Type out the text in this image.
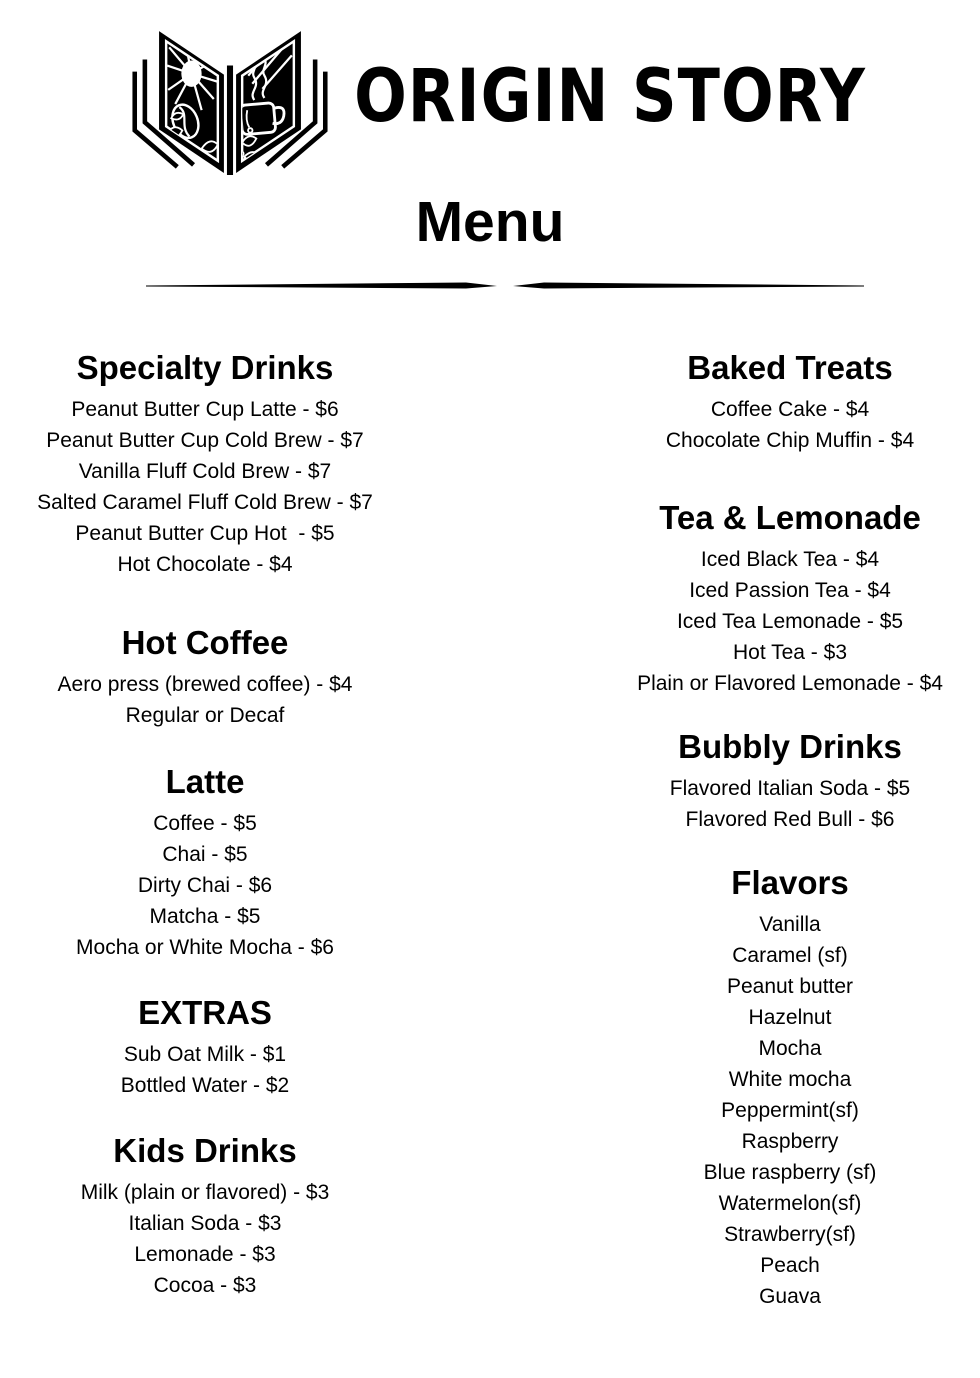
ORIGIN STORY
Menu
Specialty Drinks
Peanut Butter Cup Latte - $6
Peanut Butter Cup Cold Brew - $7
Vanilla Fluff Cold Brew - $7
Salted Caramel Fluff Cold Brew - $7
Peanut Butter Cup Hot  - $5
Hot Chocolate - $4
Hot Coffee
Aero press (brewed coffee) - $4
Regular or Decaf
Latte
Coffee - $5
Chai - $5
Dirty Chai - $6
Matcha - $5
Mocha or White Mocha - $6
EXTRAS
Sub Oat Milk - $1
Bottled Water - $2
Kids Drinks
Milk (plain or flavored) - $3
Italian Soda - $3
Lemonade - $3
Cocoa - $3
Baked Treats
Coffee Cake - $4
Chocolate Chip Muffin - $4
Tea & Lemonade
Iced Black Tea - $4
Iced Passion Tea - $4
Iced Tea Lemonade - $5
Hot Tea - $3
Plain or Flavored Lemonade - $4
Bubbly Drinks
Flavored Italian Soda - $5
Flavored Red Bull - $6
Flavors
Vanilla
Caramel (sf)
Peanut butter
Hazelnut
Mocha
White mocha
Peppermint(sf)
Raspberry
Blue raspberry (sf)
Watermelon(sf)
Strawberry(sf)
Peach
Guava
